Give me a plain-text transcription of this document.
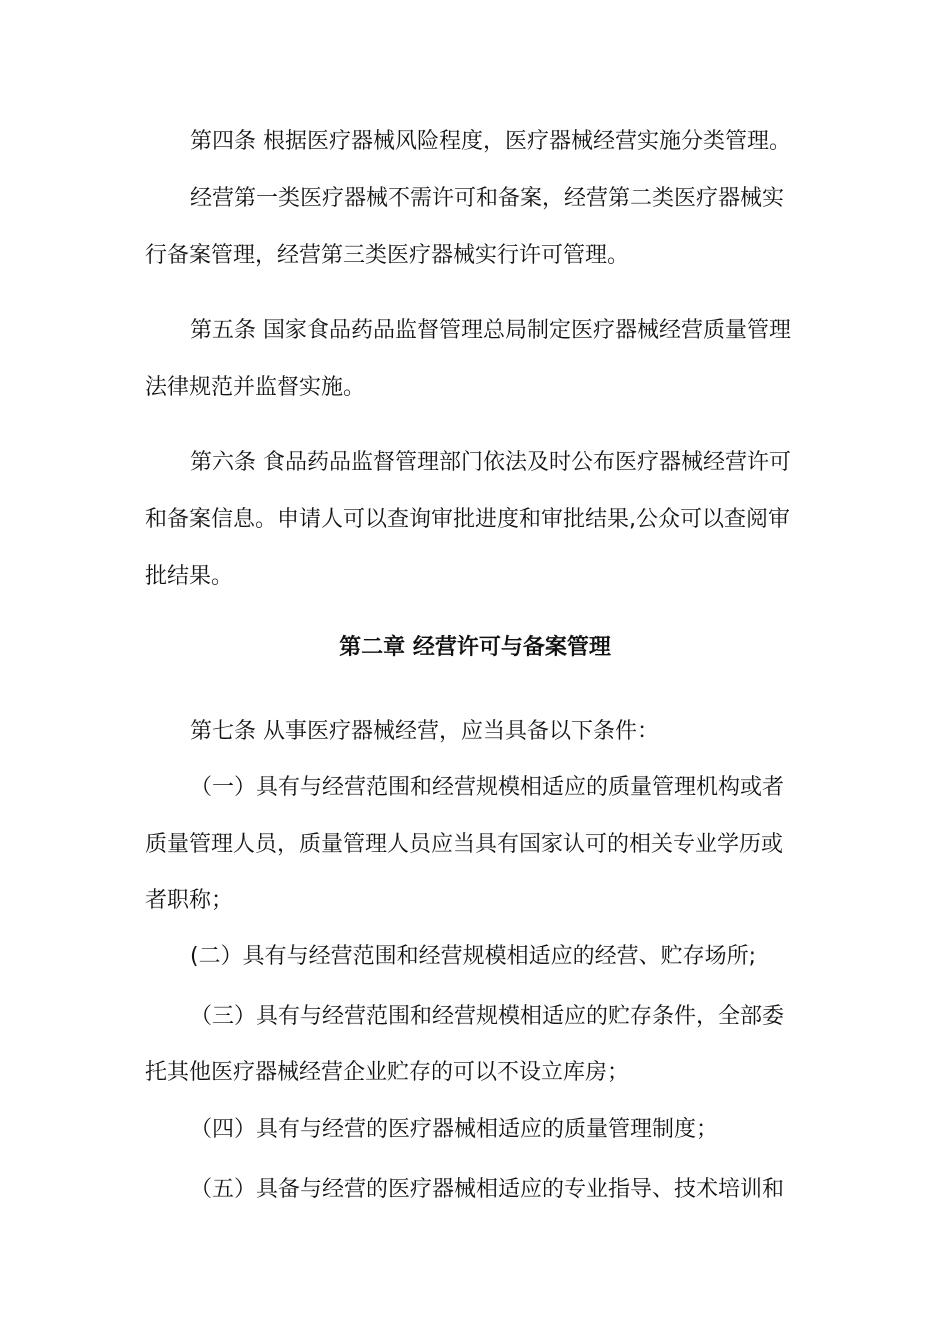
第四条 根据医疗器械风险程度，医疗器械经营实施分类管理。
经营第一类医疗器械不需许可和备案，经营第二类医疗器械实
行备案管理，经营第三类医疗器械实行许可管理。
第五条 国家食品药品监督管理总局制定医疗器械经营质量管理
法律规范并监督实施。
第六条 食品药品监督管理部门依法及时公布医疗器械经营许可
和备案信息。申请人可以查询审批进度和审批结果,公众可以查阅审
批结果。
第二章 经营许可与备案管理
第七条 从事医疗器械经营，应当具备以下条件：
（一）具有与经营范围和经营规模相适应的质量管理机构或者
质量管理人员，质量管理人员应当具有国家认可的相关专业学历或
者职称；
(二）具有与经营范围和经营规模相适应的经营、贮存场所;
（三）具有与经营范围和经营规模相适应的贮存条件，全部委
托其他医疗器械经营企业贮存的可以不设立库房；
（四）具有与经营的医疗器械相适应的质量管理制度；
（五）具备与经营的医疗器械相适应的专业指导、技术培训和
